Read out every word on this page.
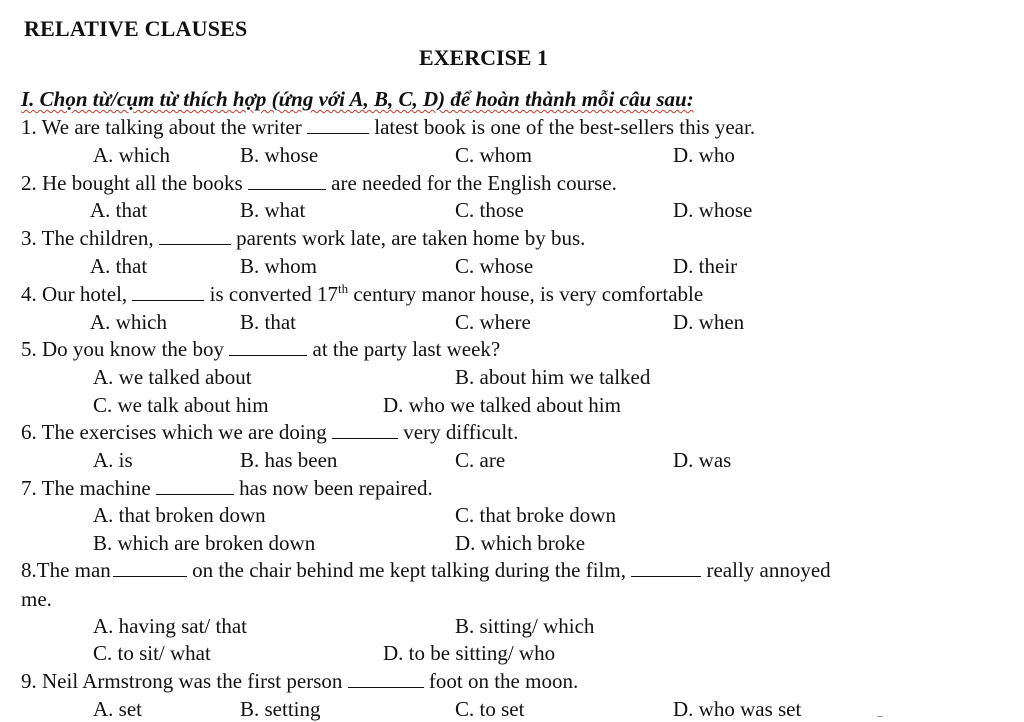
RELATIVE CLAUSES
EXERCISE 1
I. Chọn từ/cụm từ thích hợp (ứng với A, B, C, D) để hoàn thành mỗi câu sau:
1. We are talking about the writer	latest book is one of the best-sellers this year.
A. which	B. whose	C. whom	D. who
2. He bought all the books	are needed for the English course.
A. that	B. what	C. those	D. whose
3. The children,	parents work late, are taken home by bus.
A. that	B. whom	C. whose	D. their
4. Our hotel,	is converted 17th century manor house, is very comfortable
A. which	B. that	C. where	D. when
5. Do you know the boy	at the party last week?
A. we talked about	B. about him we talked
C. we talk about him	D. who we talked about him
6. The exercises which we are doing	very difficult.
A. is	B. has been	C. are	D. was
7. The machine	has now been repaired.
A. that broken down	C. that broke down
B. which are broken down	D. which broke
8.The man	on the chair behind me kept talking during the film,	really annoyed
me.
A. having sat/ that	B. sitting/ which
C. to sit/ what	D. to be sitting/ who
9. Neil Armstrong was the first person	foot on the moon.
A. set	B. setting	C. to set	D. who was set
